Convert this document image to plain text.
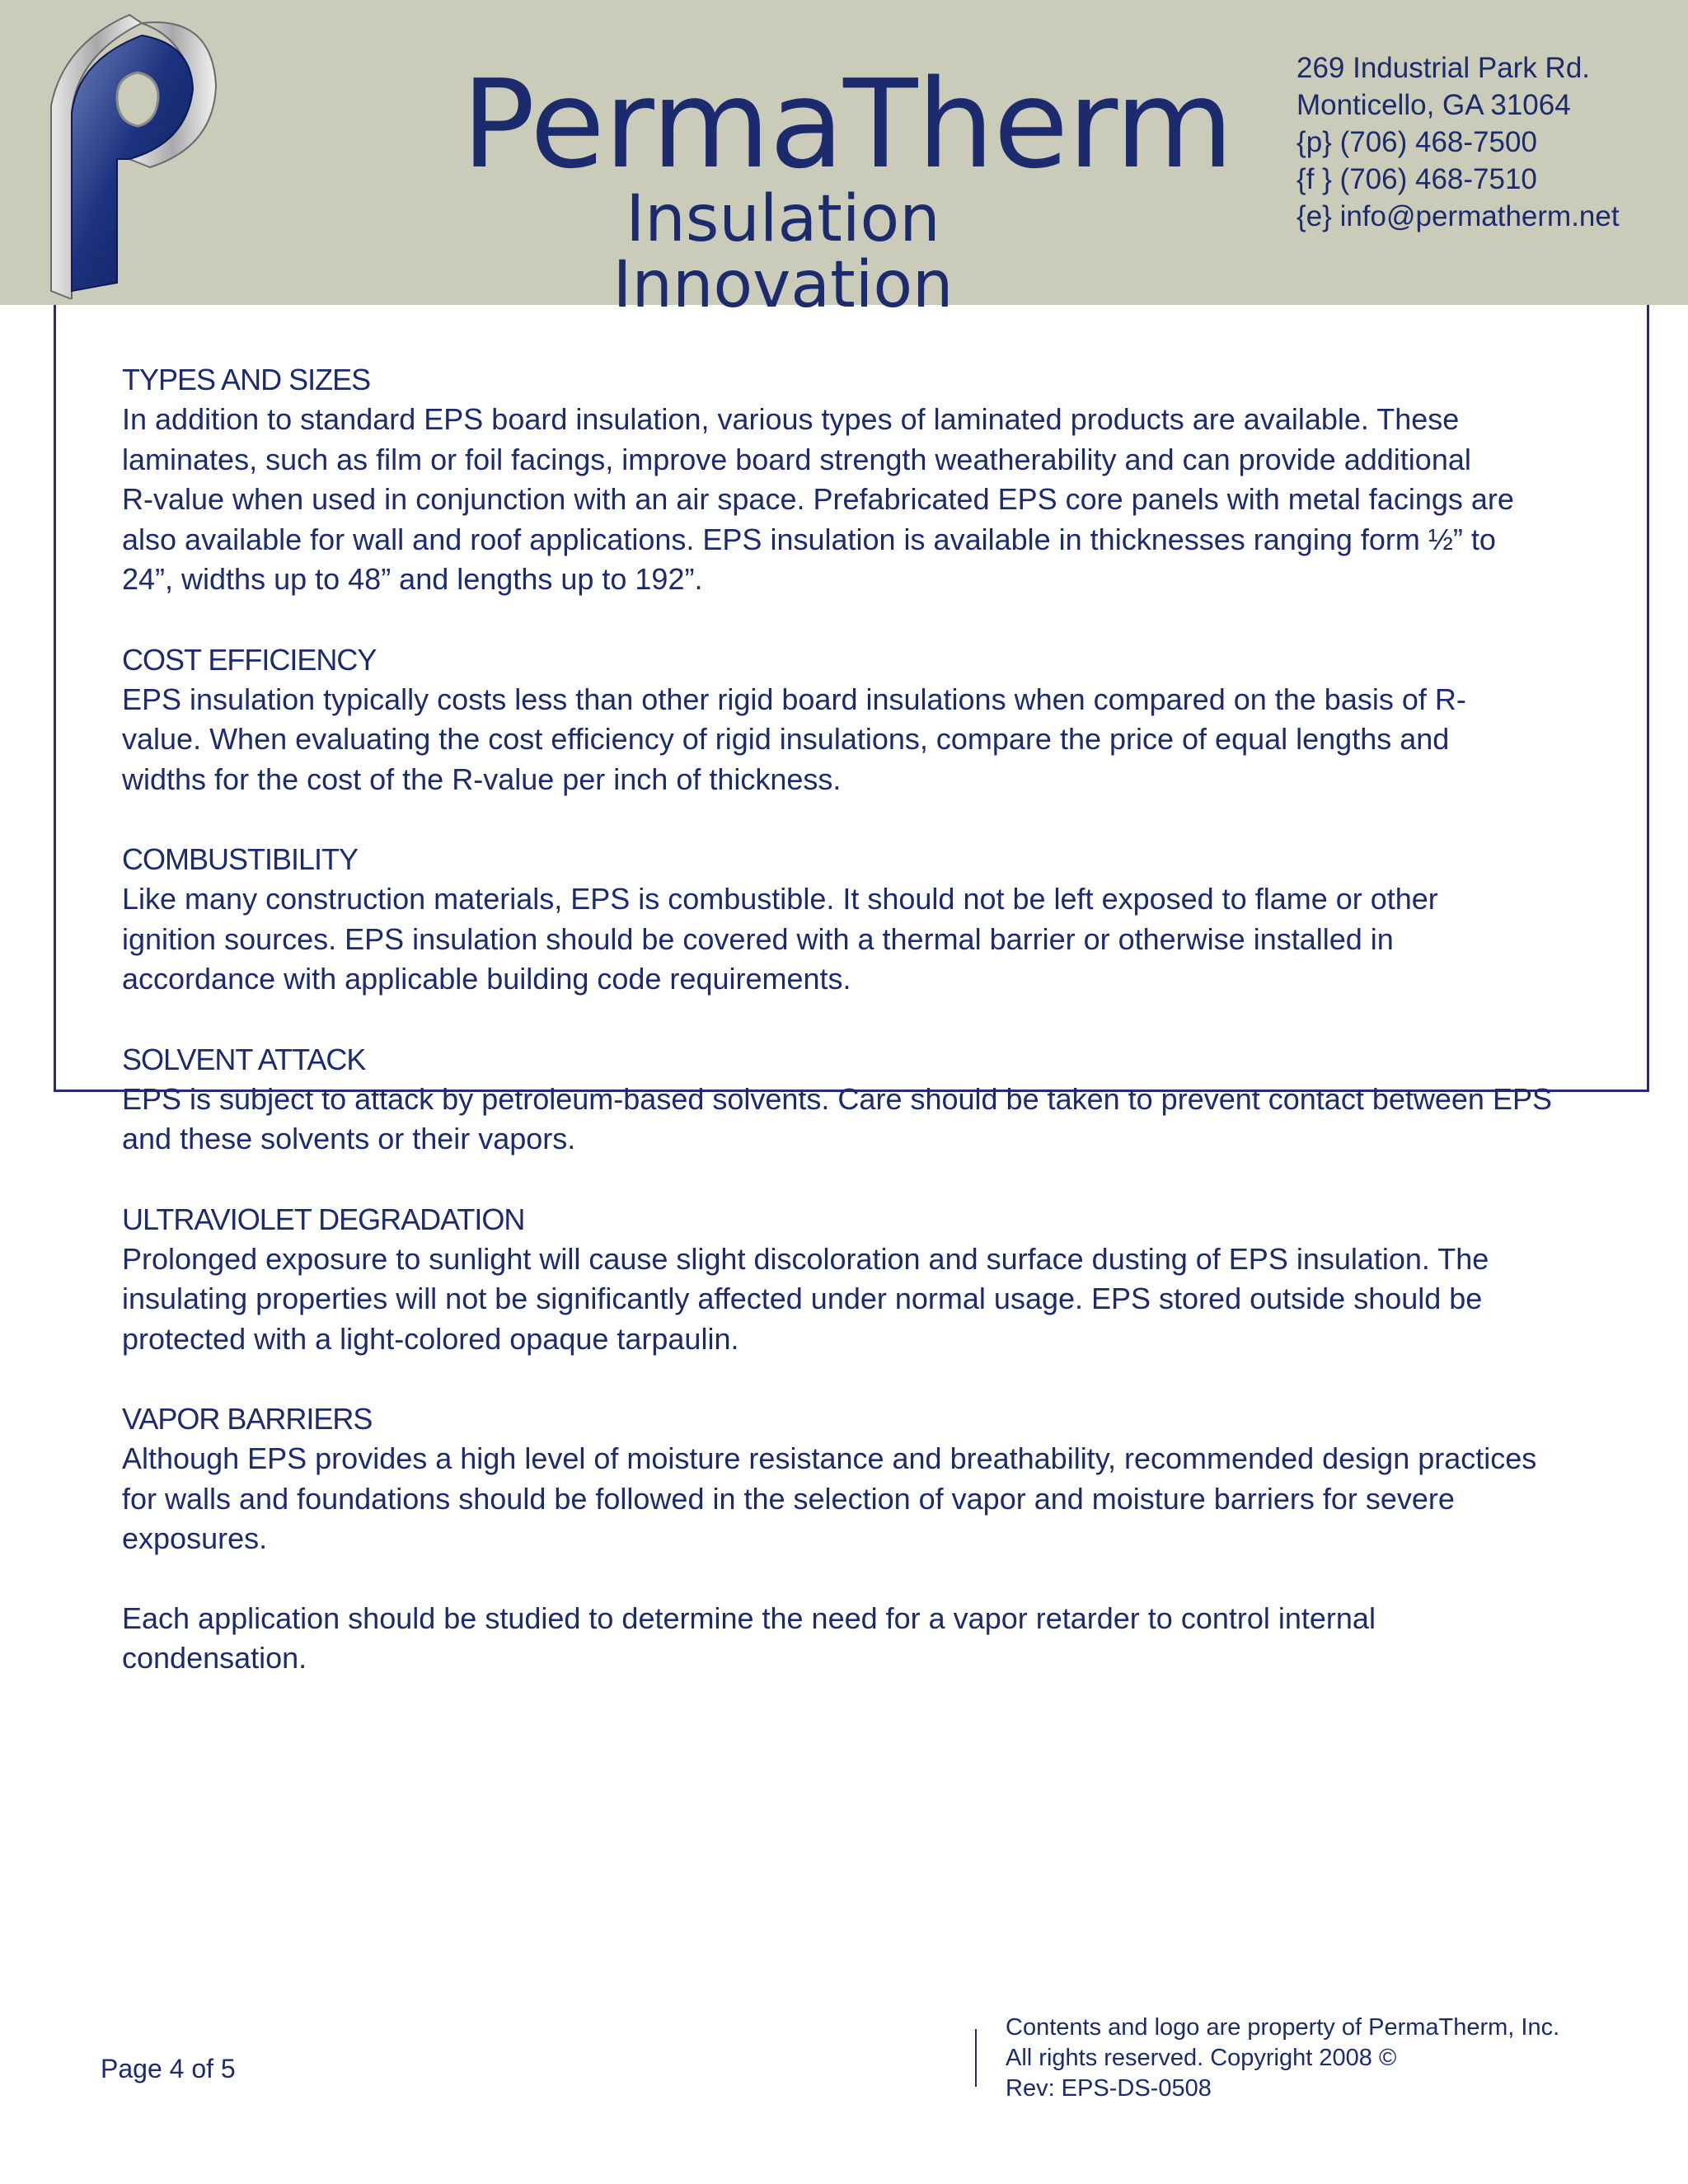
PermaTherm
Insulation Innovation
269 Industrial Park Rd.
Monticello, GA 31064
{p} (706) 468-7500
{f } (706) 468-7510
{e} info@permatherm.net
TYPES AND SIZES

In addition to standard EPS board insulation, various types of laminated products are available. These
laminates, such as film or foil facings, improve board strength weatherability and can provide additional
R-value when used in conjunction with an air space. Prefabricated EPS core panels with metal facings are
also available for wall and roof applications. EPS insulation is available in thicknesses ranging form ½” to
24”, widths up to 48” and lengths up to 192”.

COST EFFICIENCY

EPS insulation typically costs less than other rigid board insulations when compared on the basis of R-
value. When evaluating the cost efficiency of rigid insulations, compare the price of equal lengths and
widths for the cost of the R-value per inch of thickness.

COMBUSTIBILITY

Like many construction materials, EPS is combustible. It should not be left exposed to flame or other
ignition sources. EPS insulation should be covered with a thermal barrier or otherwise installed in
accordance with applicable building code requirements.

SOLVENT ATTACK

EPS is subject to attack by petroleum-based solvents. Care should be taken to prevent contact between EPS
and these solvents or their vapors.

ULTRAVIOLET DEGRADATION

Prolonged exposure to sunlight will cause slight discoloration and surface dusting of EPS insulation. The
insulating properties will not be significantly affected under normal usage. EPS stored outside should be
protected with a light-colored opaque tarpaulin.

VAPOR BARRIERS

Although EPS provides a high level of moisture resistance and breathability, recommended design practices
for walls and foundations should be followed in the selection of vapor and moisture barriers for severe
exposures.

Each application should be studied to determine the need for a vapor retarder to control internal
condensation.

Page 4 of 5
Contents and logo are property of PermaTherm, Inc.
All rights reserved. Copyright 2008 ©
Rev: EPS-DS-0508
